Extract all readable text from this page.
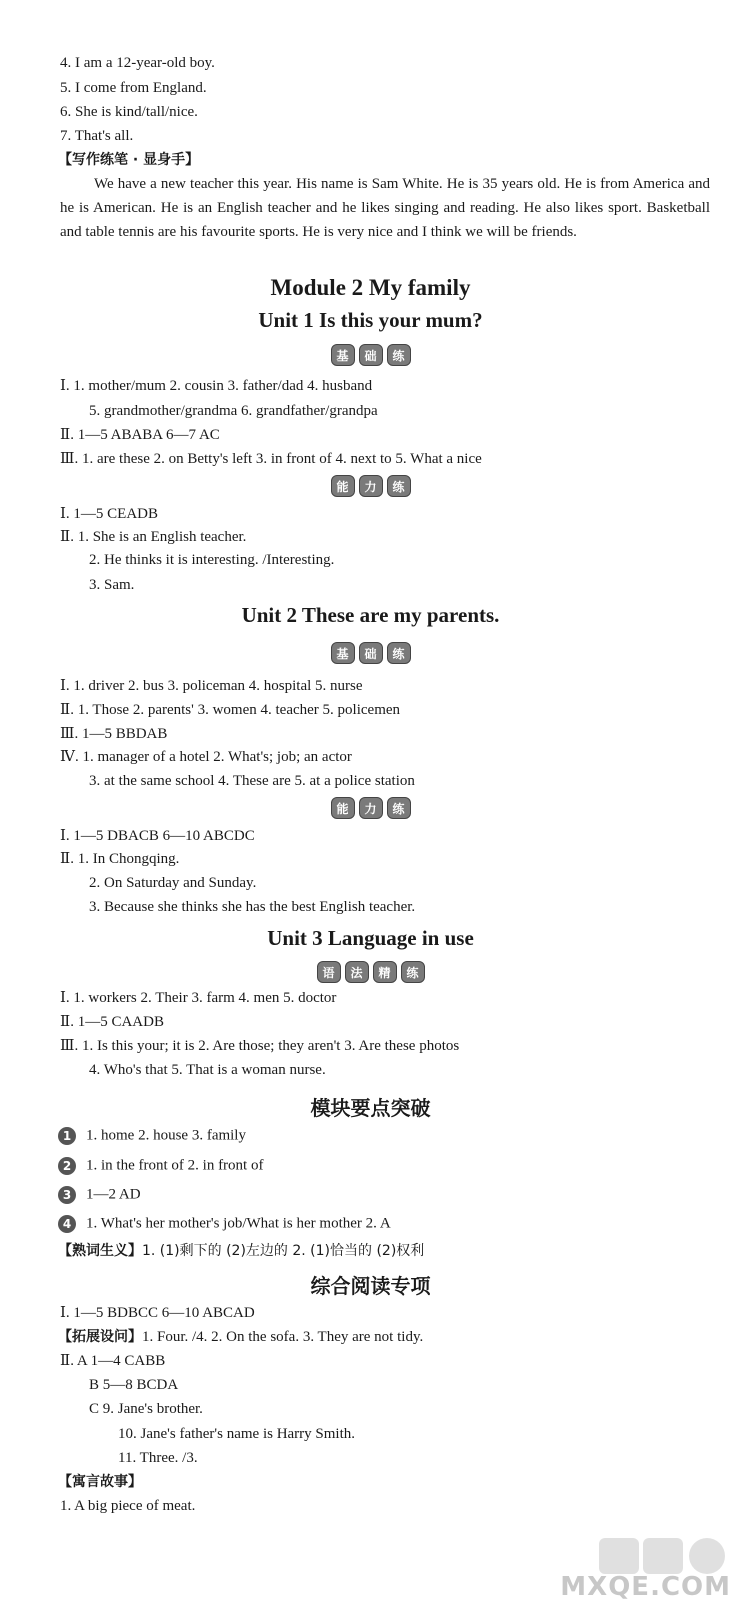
4. I am a 12-year-old boy.
5. I come from England.
6. She is kind/tall/nice.
7. That's all.
【写作练笔 · 显身手】
We have a new teacher this year. His name is Sam White. He is 35 years old. He is from America and he is American. He is an English teacher and he likes singing and reading. He also likes sport. Basketball and table tennis are his favourite sports. He is very nice and I think we will be friends.
Module 2 My family
Unit 1 Is this your mum?
基	础	练
Ⅰ. 1. mother/mum 2. cousin 3. father/dad 4. husband
5. grandmother/grandma 6. grandfather/grandpa
Ⅱ. 1—5 ABABA 6—7 AC
Ⅲ. 1. are these 2. on Betty's left 3. in front of 4. next to 5. What a nice
能	力	练
Ⅰ. 1—5 CEADB
Ⅱ. 1. She is an English teacher.
2. He thinks it is interesting. /Interesting.
3. Sam.
Unit 2 These are my parents.
基	础	练
Ⅰ. 1. driver 2. bus 3. policeman 4. hospital 5. nurse
Ⅱ. 1. Those 2. parents' 3. women 4. teacher 5. policemen
Ⅲ. 1—5 BBDAB
Ⅳ. 1. manager of a hotel 2. What's; job; an actor
3. at the same school 4. These are 5. at a police station
能	力	练
Ⅰ. 1—5 DBACB 6—10 ABCDC
Ⅱ. 1. In Chongqing.
2. On Saturday and Sunday.
3. Because she thinks she has the best English teacher.
Unit 3 Language in use
语	法	精	练
Ⅰ. 1. workers 2. Their 3. farm 4. men 5. doctor
Ⅱ. 1—5 CAADB
Ⅲ. 1. Is this your; it is 2. Are those; they aren't 3. Are these photos
4. Who's that 5. That is a woman nurse.
模块要点突破
1 1. home 2. house 3. family
2 1. in the front of 2. in front of
3 1—2 AD
4 1. What's her mother's job/What is her mother 2. A
【熟词生义】1. (1)剩下的 (2)左边的 2. (1)恰当的 (2)权利
综合阅读专项
Ⅰ. 1—5 BDBCC 6—10 ABCAD
【拓展设问】1. Four. /4. 2. On the sofa. 3. They are not tidy.
Ⅱ. A 1—4 CABB
B 5—8 BCDA
C 9. Jane's brother.
10. Jane's father's name is Harry Smith.
11. Three. /3.
【寓言故事】
1. A big piece of meat.
MXQE.COM
